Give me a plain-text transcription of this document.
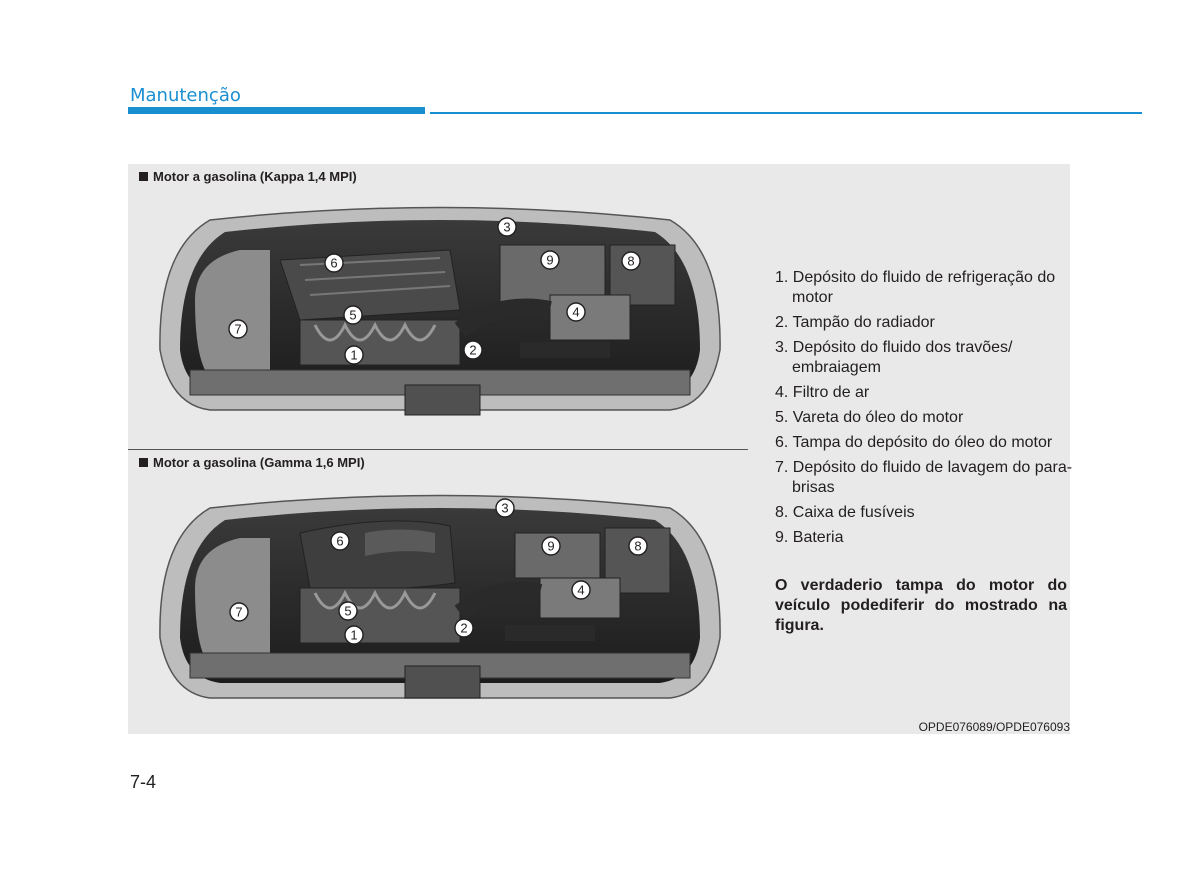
Manutenção
Motor a gasolina (Kappa 1,4 MPI)
Motor a gasolina (Gamma 1,6 MPI)
6
3
9	8
7
5	4
1	2
3
6	9	8
7	5
4
1	2
1. Depósito do fluido de refrigeração do motor
2. Tampão do radiador
3. Depósito do fluido dos travões/ embraiagem
4. Filtro de ar
5. Vareta do óleo do motor
6. Tampa do depósito do óleo do motor
7. Depósito do fluido de lavagem do para-brisas
8. Caixa de fusíveis
9. Bateria
O verdaderio tampa do motor do veículo podediferir do mostrado na figura.
OPDE076089/OPDE076093
7-4
